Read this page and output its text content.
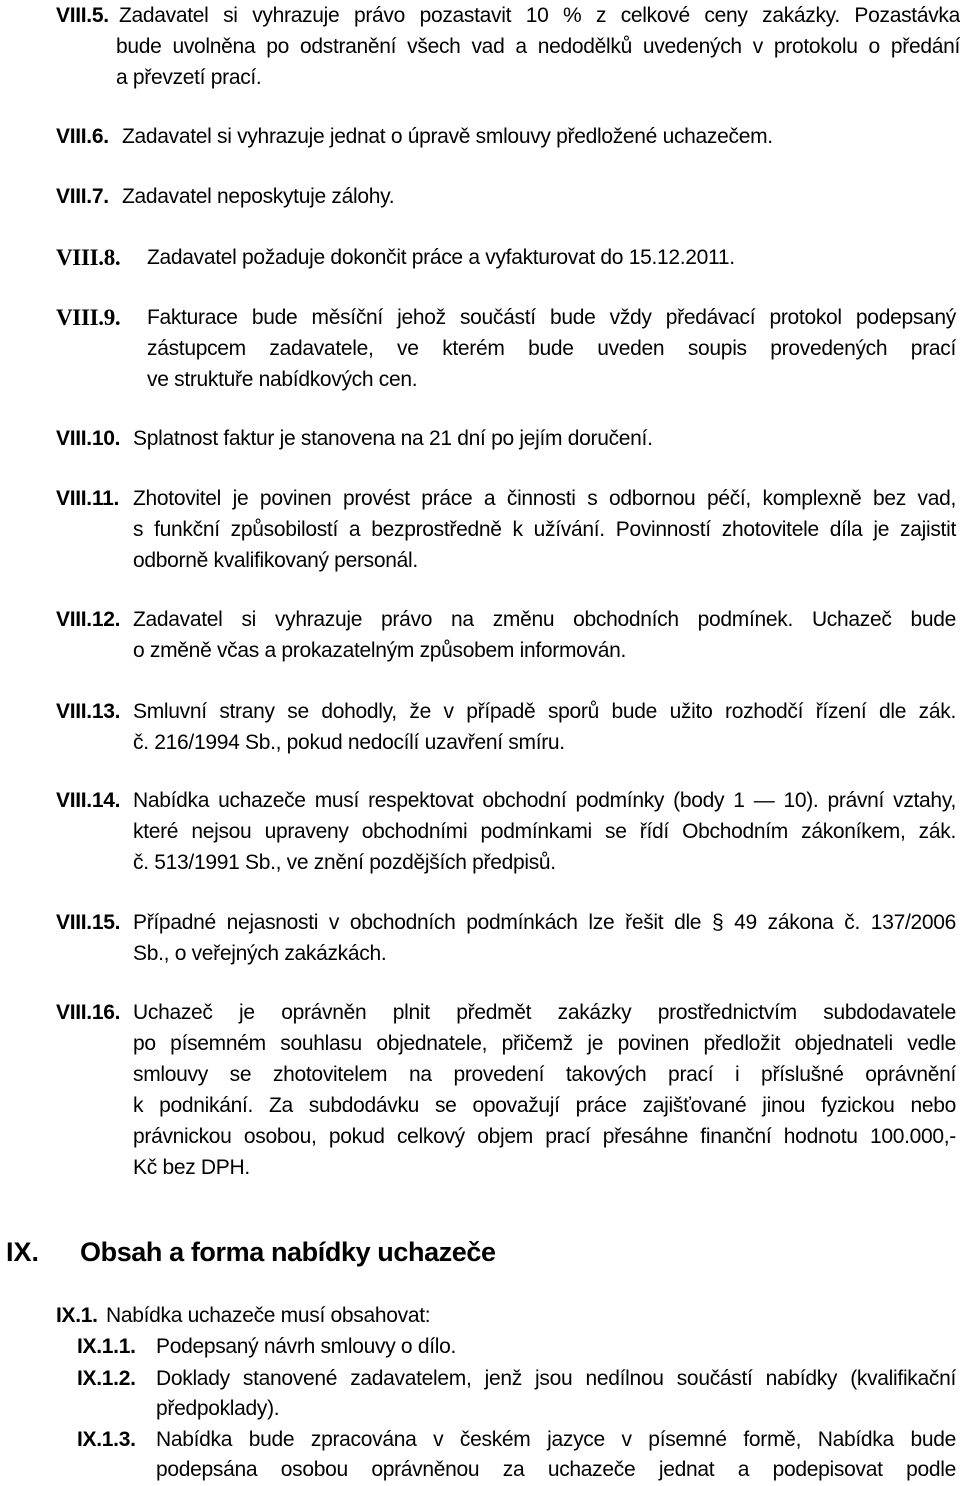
VIII.5. Zadavatel si vyhrazuje právo pozastavit 10 % z celkové ceny zakázky. Pozastávka
bude uvolněna po odstranění všech vad a nedodělků uvedených v protokolu o předání
a převzetí prací.
VIII.6. Zadavatel si vyhrazuje jednat o úpravě smlouvy předložené uchazečem.
VIII.7. Zadavatel neposkytuje zálohy.
VIII.8. Zadavatel požaduje dokončit práce a vyfakturovat do 15.12.2011.
VIII.9. Fakturace bude měsíční jehož součástí bude vždy předávací protokol podepsaný
zástupcem zadavatele, ve kterém bude uveden soupis provedených prací
ve struktuře nabídkových cen.
VIII.10. Splatnost faktur je stanovena na 21 dní po jejím doručení.
VIII.11. Zhotovitel je povinen provést práce a činnosti s odbornou péčí, komplexně bez vad,
s funkční způsobilostí a bezprostředně k užívání. Povinností zhotovitele díla je zajistit
odborně kvalifikovaný personál.
VIII.12. Zadavatel si vyhrazuje právo na změnu obchodních podmínek. Uchazeč bude
o změně včas a prokazatelným způsobem informován.
VIII.13. Smluvní strany se dohodly, že v případě sporů bude užito rozhodčí řízení dle zák.
č. 216/1994 Sb., pokud nedocílí uzavření smíru.
VIII.14. Nabídka uchazeče musí respektovat obchodní podmínky (body 1 — 10). právní vztahy,
které nejsou upraveny obchodními podmínkami se řídí Obchodním zákoníkem, zák.
č. 513/1991 Sb., ve znění pozdějších předpisů.
VIII.15. Případné nejasnosti v obchodních podmínkách lze řešit dle § 49 zákona č. 137/2006
Sb., o veřejných zakázkách.
VIII.16. Uchazeč je oprávněn plnit předmět zakázky prostřednictvím subdodavatele
po písemném souhlasu objednatele, přičemž je povinen předložit objednateli vedle
smlouvy se zhotovitelem na provedení takových prací i příslušné oprávnění
k podnikání. Za subdodávku se opovažují práce zajišťované jinou fyzickou nebo
právnickou osobou, pokud celkový objem prací přesáhne finanční hodnotu 100.000,-
Kč bez DPH.
IX. Obsah a forma nabídky uchazeče
IX.1. Nabídka uchazeče musí obsahovat:
IX.1.1. Podepsaný návrh smlouvy o dílo.
IX.1.2. Doklady stanovené zadavatelem, jenž jsou nedílnou součástí nabídky (kvalifikační
předpoklady).
IX.1.3. Nabídka bude zpracována v českém jazyce v písemné formě, Nabídka bude
podepsána osobou oprávněnou za uchazeče jednat a podepisovat podle
